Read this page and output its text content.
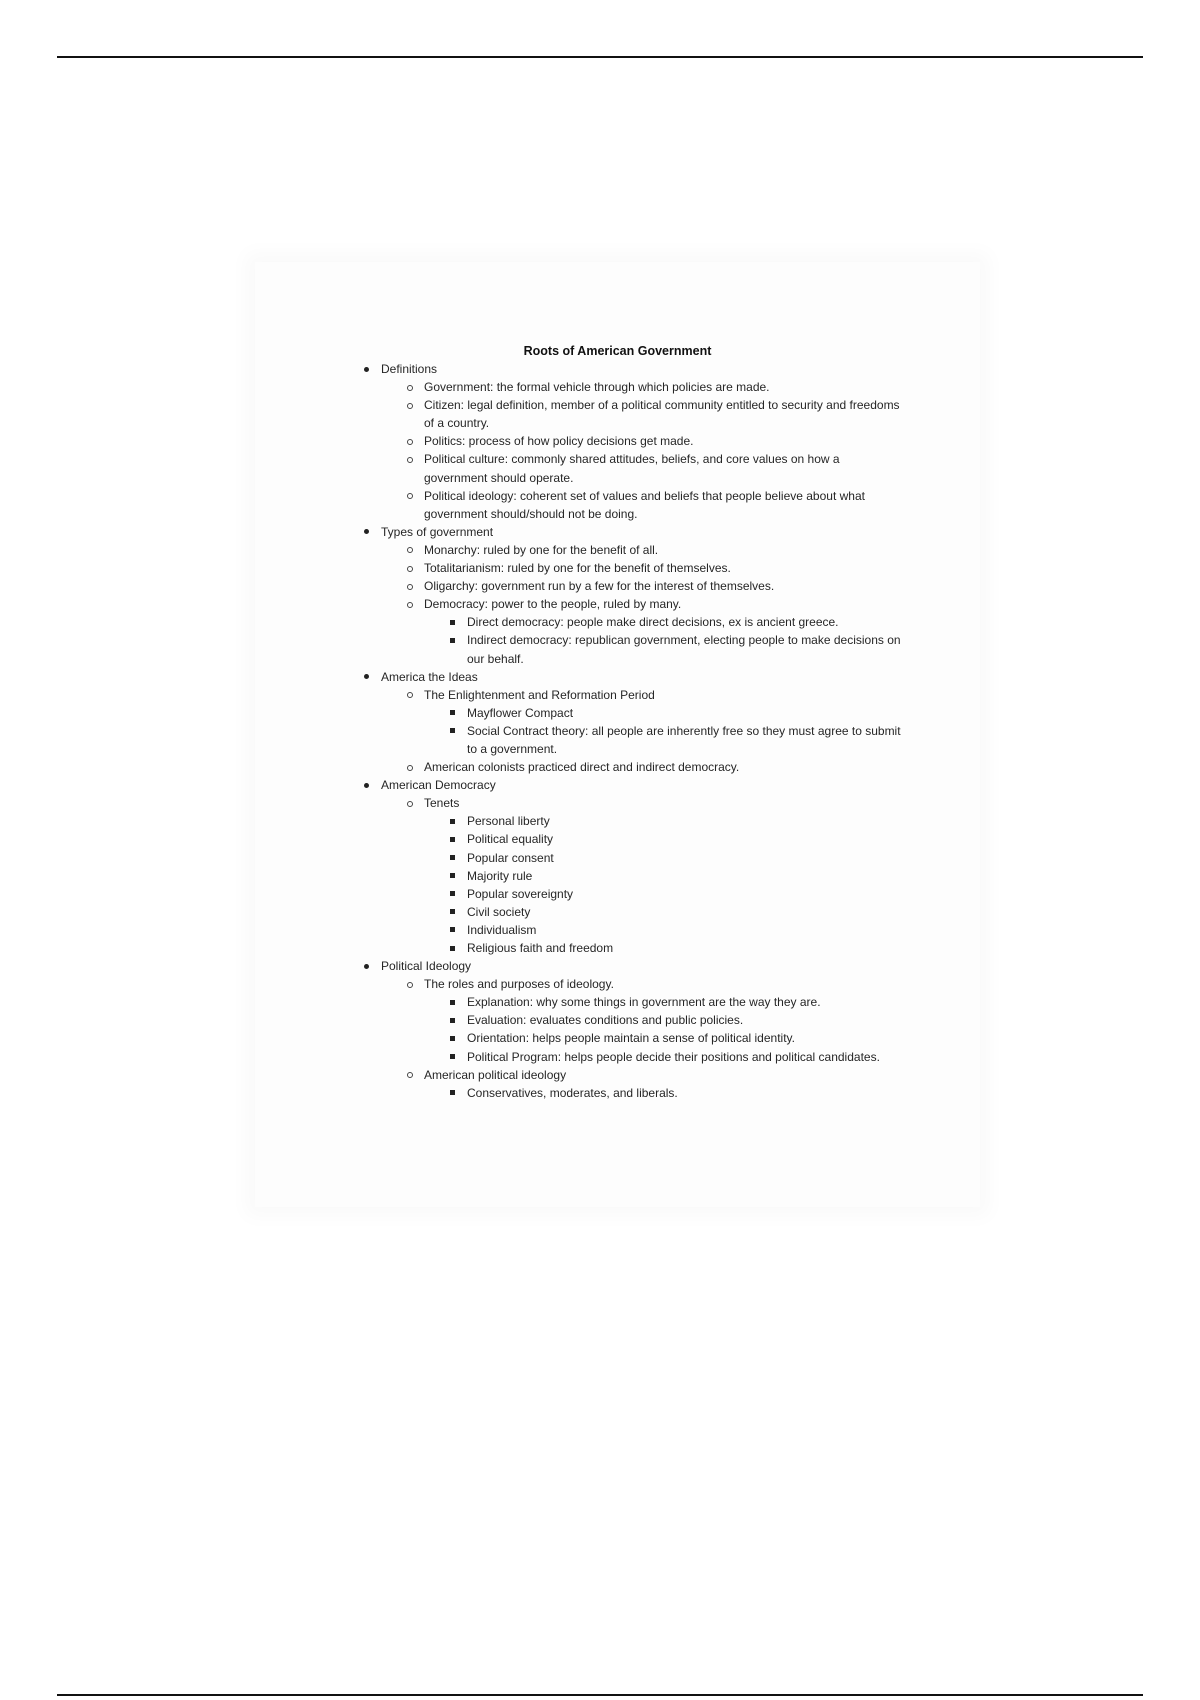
Roots of American Government
Definitions
Government: the formal vehicle through which policies are made.
Citizen: legal definition, member of a political community entitled to security and freedoms of a country.
Politics: process of how policy decisions get made.
Political culture: commonly shared attitudes, beliefs, and core values on how a government should operate.
Political ideology: coherent set of values and beliefs that people believe about what government should/should not be doing.
Types of government
Monarchy: ruled by one for the benefit of all.
Totalitarianism: ruled by one for the benefit of themselves.
Oligarchy: government run by a few for the interest of themselves.
Democracy: power to the people, ruled by many.
Direct democracy: people make direct decisions, ex is ancient greece.
Indirect democracy: republican government, electing people to make decisions on our behalf.
America the Ideas
The Enlightenment and Reformation Period
Mayflower Compact
Social Contract theory: all people are inherently free so they must agree to submit to a government.
American colonists practiced direct and indirect democracy.
American Democracy
Tenets
Personal liberty
Political equality
Popular consent
Majority rule
Popular sovereignty
Civil society
Individualism
Religious faith and freedom
Political Ideology
The roles and purposes of ideology.
Explanation: why some things in government are the way they are.
Evaluation: evaluates conditions and public policies.
Orientation: helps people maintain a sense of political identity.
Political Program: helps people decide their positions and political candidates.
American political ideology
Conservatives, moderates, and liberals.
